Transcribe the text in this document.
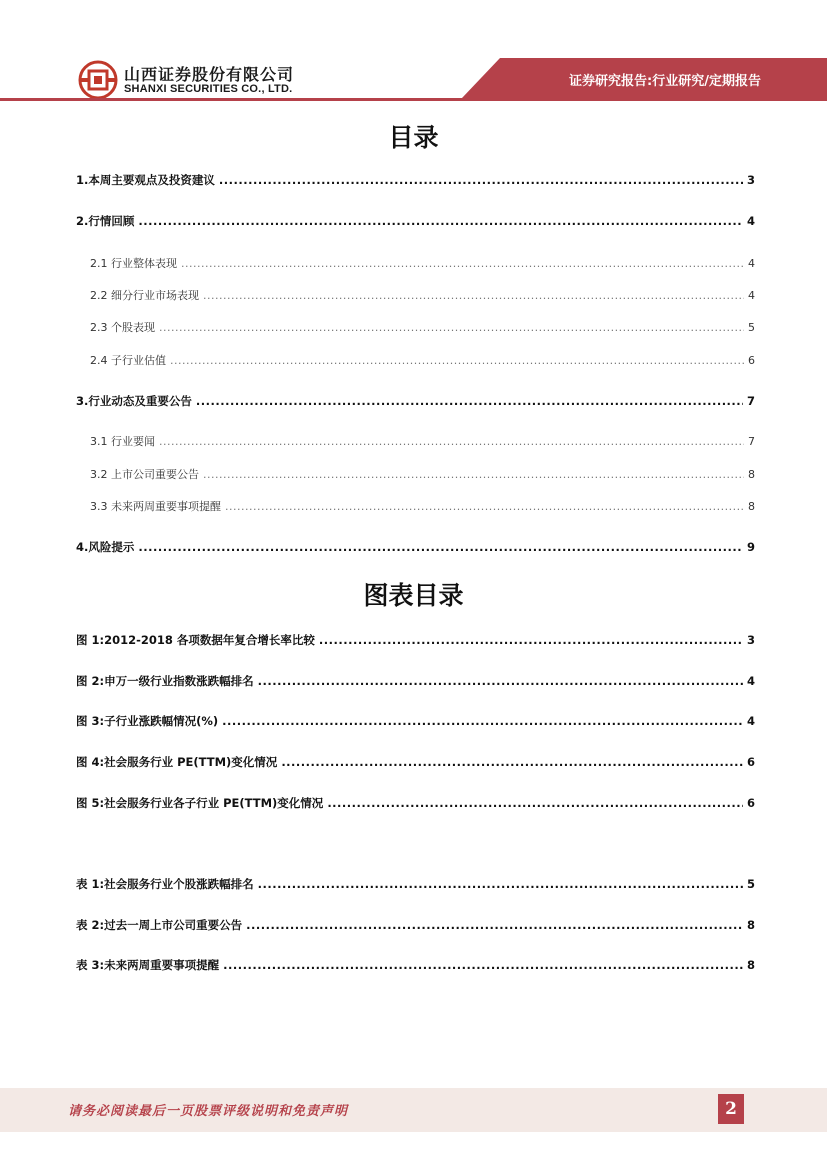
山西证券股份有限公司
SHANXI SECURITIES CO., LTD.	证券研究报告:行业研究/定期报告
目录
1.本周主要观点及投资建议 .....	3
2.行情回顾 .....	4
2.1 行业整体表现 .....	4
2.2 细分行业市场表现 .....	4
2.3 个股表现 .....	5
2.4 子行业估值 .....	6
3.行业动态及重要公告 .....	7
3.1 行业要闻 .....	7
3.2 上市公司重要公告 .....	8
3.3 未来两周重要事项提醒 .....	8
4.风险提示 .....	9
图表目录
图 1:2012-2018 各项数据年复合增长率比较 .....	3
图 2:申万一级行业指数涨跌幅排名 .....	4
图 3:子行业涨跌幅情况(%) .....	4
图 4:社会服务行业 PE(TTM)变化情况 .....	6
图 5:社会服务行业各子行业 PE(TTM)变化情况 .....	6
表 1:社会服务行业个股涨跌幅排名 .....	5
表 2:过去一周上市公司重要公告 .....	8
表 3:未来两周重要事项提醒 .....	8
请务必阅读最后一页股票评级说明和免责声明	2
